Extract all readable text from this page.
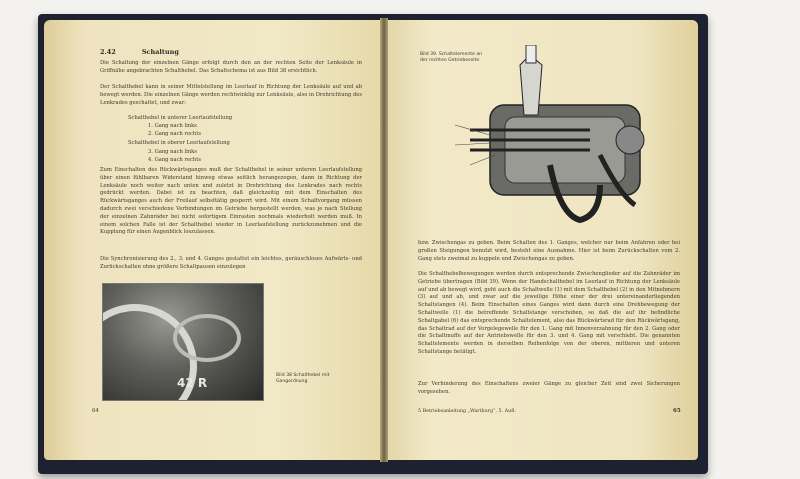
2.42	Schaltung
Die Schaltung der einzelnen Gänge erfolgt durch den an der rechten Seite der Lenksäule in Griffnähe angebrachten Schalthebel. Das Schaltschema ist aus Bild 38 ersichtlich.
Der Schalthebel kann in seiner Mittelstellung im Leerlauf in Richtung der Lenksäule auf und ab bewegt werden. Die einzelnen Gänge werden rechtwinklig zur Lenksäule, also in Drehrichtung des Lenkrades geschaltet, und zwar:
Schalthebel in unterer Leerlaufstellung
1. Gang nach links
2. Gang nach rechts
Schalthebel in oberer Leerlaufstellung
3. Gang nach links
4. Gang nach rechts
Zum Einschalten des Rückwärtsganges muß der Schalthebel in seiner unteren Leerlaufstellung über einen fühlbaren Widerstand hinweg etwas seitlich herangezogen, dann in Richtung der Lenksäule noch weiter nach unten und zuletzt in Drehrichtung des Lenkrades nach rechts gedrückt werden. Dabei ist zu beachten, daß gleichzeitig mit dem Einschalten des Rückwärtsganges auch der Freilauf selbsttätig gesperrt wird. Mit einem Schaltvorgang müssen dadurch zwei verschiedene Verbindungen im Getriebe hergestellt werden, was je nach Stellung der einzelnen Zahnräder bei nicht sofortigem Einrasten nochmals wiederholt werden muß. In einem solchen Falle ist der Schalthebel wieder in Leerlaufstellung zurückzunehmen und die Kupplung für einen Augenblick loszulassen.
Die Synchronisierung des 2., 3. und 4. Ganges gestattet ein leichtes, geräuschloses Aufwärts- und Zurückschalten ohne größere Schaltpausen einzulegen
42 R
Bild 38 Schalthebel mit Gangordnung
64
Bild 39. Schaltelemente an der rechten Getriebeseite
bzw. Zwischengas zu geben. Beim Schalten des 1. Ganges, welcher nur beim Anfahren oder bei großen Steigungen benutzt wird, besteht eine Ausnahme. Hier ist beim Zurückschalten vom 2. Gang stets zweimal zu kuppeln und Zwischengas zu geben.
Die Schalthebelbewegungen werden durch entsprechende Zwischenglieder auf die Zahnräder im Getriebe übertragen (Bild 39). Wenn der Handschalthebel im Leerlauf in Richtung der Lenksäule auf und ab bewegt wird, geht auch die Schaltwelle (1) mit dem Schalthebel (2) in den Mitnehmern (3) auf und ab, und zwar auf die jeweilige Höhe einer der drei untereinanderliegenden Schaltstangen (4). Beim Einschalten eines Ganges wird dann durch eine Drehbewegung der Schaltwelle (1) die betreffende Schaltstange verschoben, so daß die auf ihr befindliche Schaltgabel (6) das entsprechende Schaltelement, also das Rückwärtsrad für den Rückwärtsgang, das Schaltrad auf der Vorgelegewelle für den 1. Gang mit Innenverzahnung für den 2. Gang oder die Schaltmuffe auf der Antriebswelle für den 3. und 4. Gang mit verschiebt. Die genannten Schaltelemente werden in derselben Reihenfolge von der oberen, mittleren und unteren Schaltstange betätigt.
Zur Verhinderung des Einschaltens zweier Gänge zu gleicher Zeit sind zwei Sicherungen vorgesehen.
5 Betriebsanleitung „Wartburg“, 5. Aufl.	65
